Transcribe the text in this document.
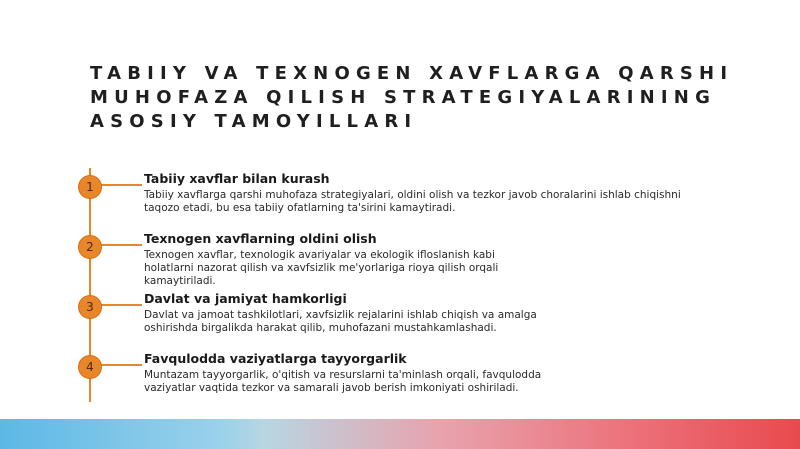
TABIIY VA TEXNOGEN XAVFLARGA QARSHI
MUHOFAZA QILISH STRATEGIYALARINING
ASOSIY TAMOYILLARI
1
Tabiiy xavflar bilan kurash
Tabiiy xavflarga qarshi muhofaza strategiyalari, oldini olish va tezkor javob choralarini ishlab chiqishni taqozo etadi, bu esa tabiiy ofatlarning ta'sirini kamaytiradi.
2
Texnogen xavflarning oldini olish
Texnogen xavflar, texnologik avariyalar va ekologik ifloslanish kabi holatlarni nazorat qilish va xavfsizlik me'yorlariga rioya qilish orqali kamaytiriladi.
3
Davlat va jamiyat hamkorligi
Davlat va jamoat tashkilotlari, xavfsizlik rejalarini ishlab chiqish va amalga oshirishda birgalikda harakat qilib, muhofazani mustahkamlashadi.
4
Favqulodda vaziyatlarga tayyorgarlik
Muntazam tayyorgarlik, o'qitish va resurslarni ta'minlash orqali, favqulodda vaziyatlar vaqtida tezkor va samarali javob berish imkoniyati oshiriladi.
